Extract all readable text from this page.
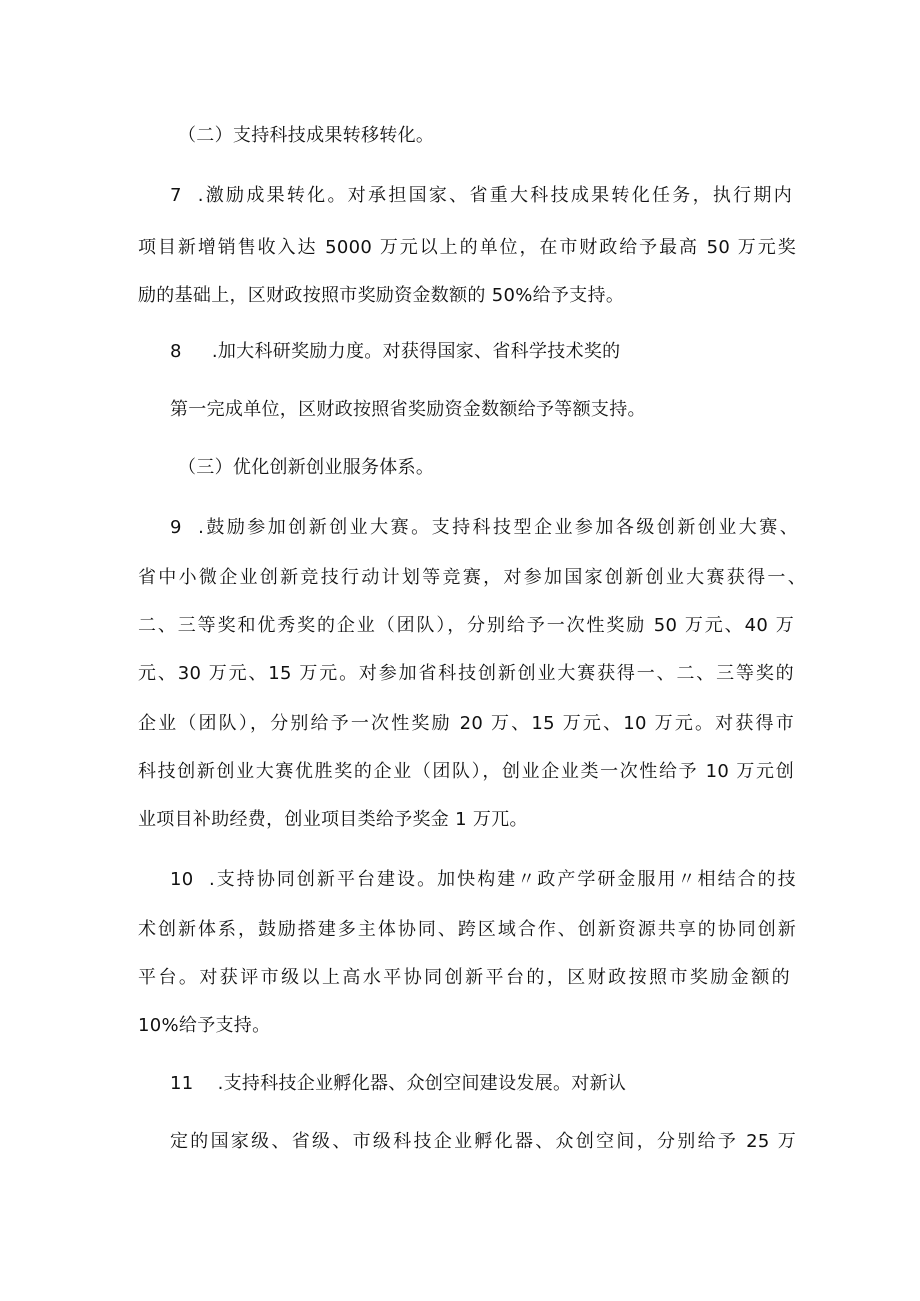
（二）支持科技成果转移转化。
7  .激励成果转化。对承担国家、省重大科技成果转化任务，执行期内
项目新增销售收入达 5000 万元以上的单位，在市财政给予最高 50 万元奖
励的基础上，区财政按照市奖励资金数额的 50%给予支持。
8     .加大科研奖励力度。对获得国家、省科学技术奖的
第一完成单位，区财政按照省奖励资金数额给予等额支持。
（三）优化创新创业服务体系。
9  .鼓励参加创新创业大赛。支持科技型企业参加各级创新创业大赛、
省中小微企业创新竞技行动计划等竞赛，对参加国家创新创业大赛获得一、
二、三等奖和优秀奖的企业（团队），分别给予一次性奖励 50 万元、40 万
元、30 万元、15 万元。对参加省科技创新创业大赛获得一、二、三等奖的
企业（团队），分别给予一次性奖励 20 万、15 万元、10 万元。对获得市
科技创新创业大赛优胜奖的企业（团队），创业企业类一次性给予 10 万元创
业项目补助经费，创业项目类给予奖金 1 万兀。
10  .支持协同创新平台建设。加快构建〃政产学研金服用〃相结合的技
术创新体系，鼓励搭建多主体协同、跨区域合作、创新资源共享的协同创新
平台。对获评市级以上高水平协同创新平台的，区财政按照市奖励金额的
10%给予支持。
11    .支持科技企业孵化器、众创空间建设发展。对新认
定的国家级、省级、市级科技企业孵化器、众创空间，分别给予 25 万
